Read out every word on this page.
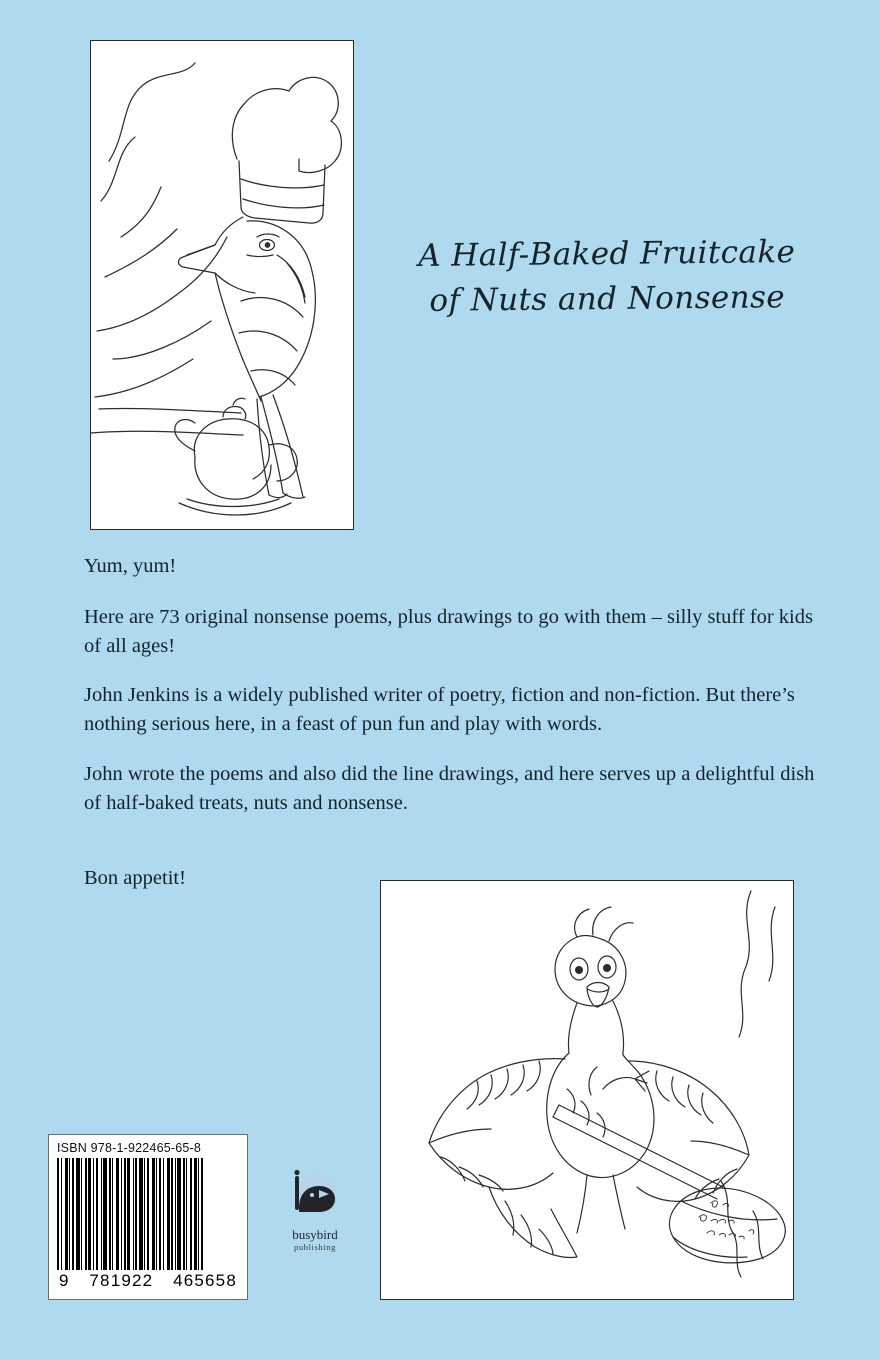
A Half-Baked Fruitcake
of Nuts and Nonsense

Yum, yum!

Here are 73 original nonsense poems, plus drawings to go with them – silly stuff for kids of all ages!

John Jenkins is a widely published writer of poetry, fiction and non-fiction. But there’s nothing serious here, in a feast of pun fun and play with words.

John wrote the poems and also did the line drawings, and here serves up a delightful dish of half-baked treats, nuts and nonsense.

Bon appetit!

ISBN 978-1-922465-65-8
9 781922 465658
busybird
publishing
